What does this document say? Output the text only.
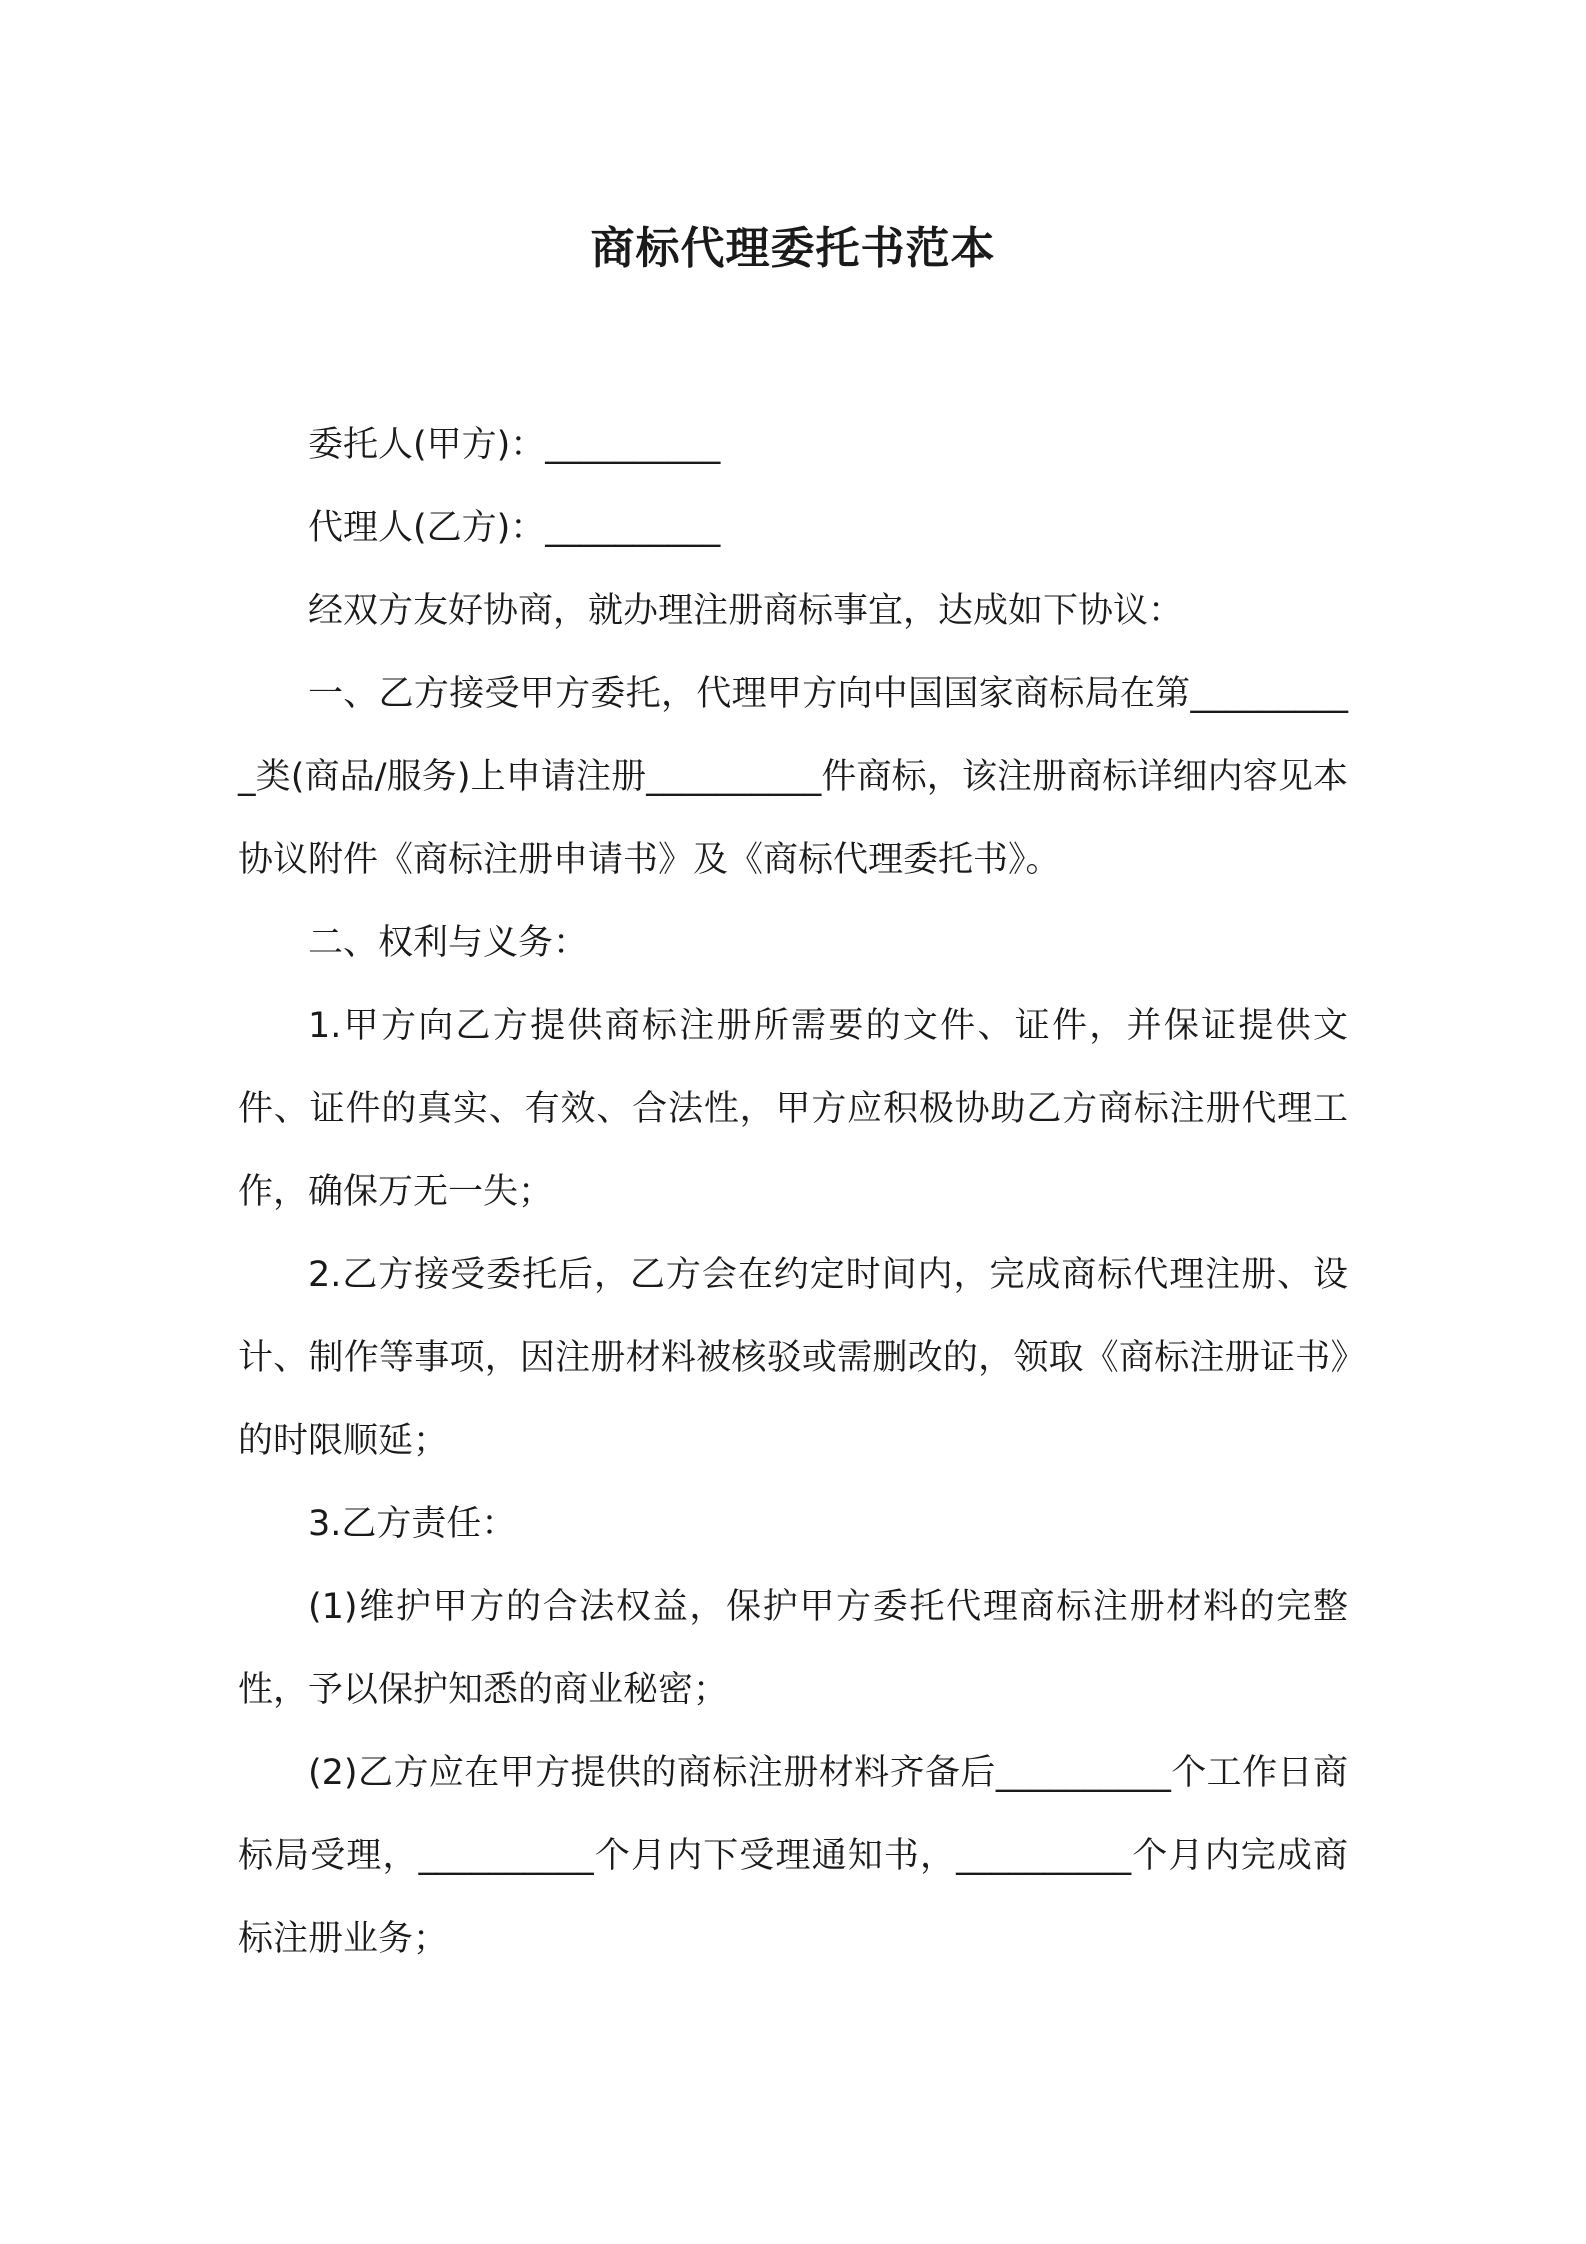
商标代理委托书范本

委托人(甲方)：__________

代理人(乙方)：__________

经双方友好协商，就办理注册商标事宜，达成如下协议：

一、乙方接受甲方委托，代理甲方向中国国家商标局在第__________类(商品/服务)上申请注册__________件商标，该注册商标详细内容见本协议附件《商标注册申请书》及《商标代理委托书》。

二、权利与义务：

1.甲方向乙方提供商标注册所需要的文件、证件，并保证提供文件、证件的真实、有效、合法性，甲方应积极协助乙方商标注册代理工作，确保万无一失；

2.乙方接受委托后，乙方会在约定时间内，完成商标代理注册、设计、制作等事项，因注册材料被核驳或需删改的，领取《商标注册证书》的时限顺延；

3.乙方责任：

(1)维护甲方的合法权益，保护甲方委托代理商标注册材料的完整性，予以保护知悉的商业秘密；

(2)乙方应在甲方提供的商标注册材料齐备后__________个工作日商标局受理，__________个月内下受理通知书，__________个月内完成商标注册业务；
